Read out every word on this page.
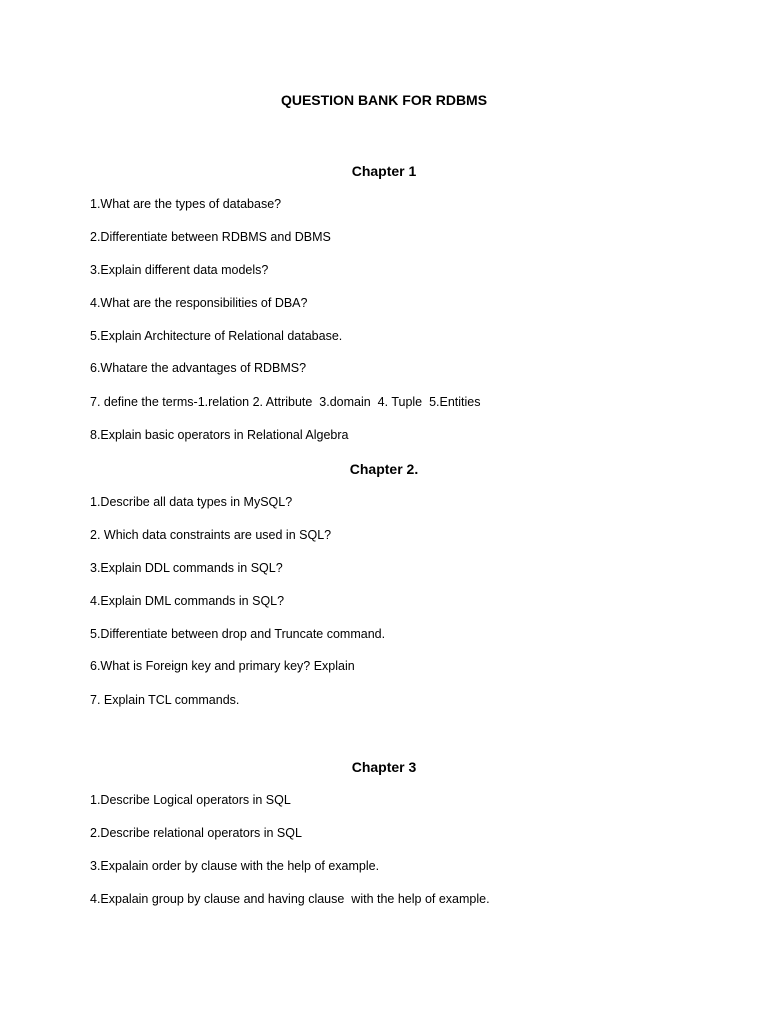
QUESTION BANK FOR RDBMS
Chapter 1
1.What are the types of database?
2.Differentiate between RDBMS and DBMS
3.Explain different data models?
4.What are the responsibilities of DBA?
5.Explain Architecture of Relational database.
6.Whatare the advantages of RDBMS?
7. define the terms-1.relation 2. Attribute  3.domain  4. Tuple  5.Entities
8.Explain basic operators in Relational Algebra
Chapter 2.
1.Describe all data types in MySQL?
2. Which data constraints are used in SQL?
3.Explain DDL commands in SQL?
4.Explain DML commands in SQL?
5.Differentiate between drop and Truncate command.
6.What is Foreign key and primary key? Explain
7. Explain TCL commands.
Chapter 3
1.Describe Logical operators in SQL
2.Describe relational operators in SQL
3.Expalain order by clause with the help of example.
4.Expalain group by clause and having clause  with the help of example.
